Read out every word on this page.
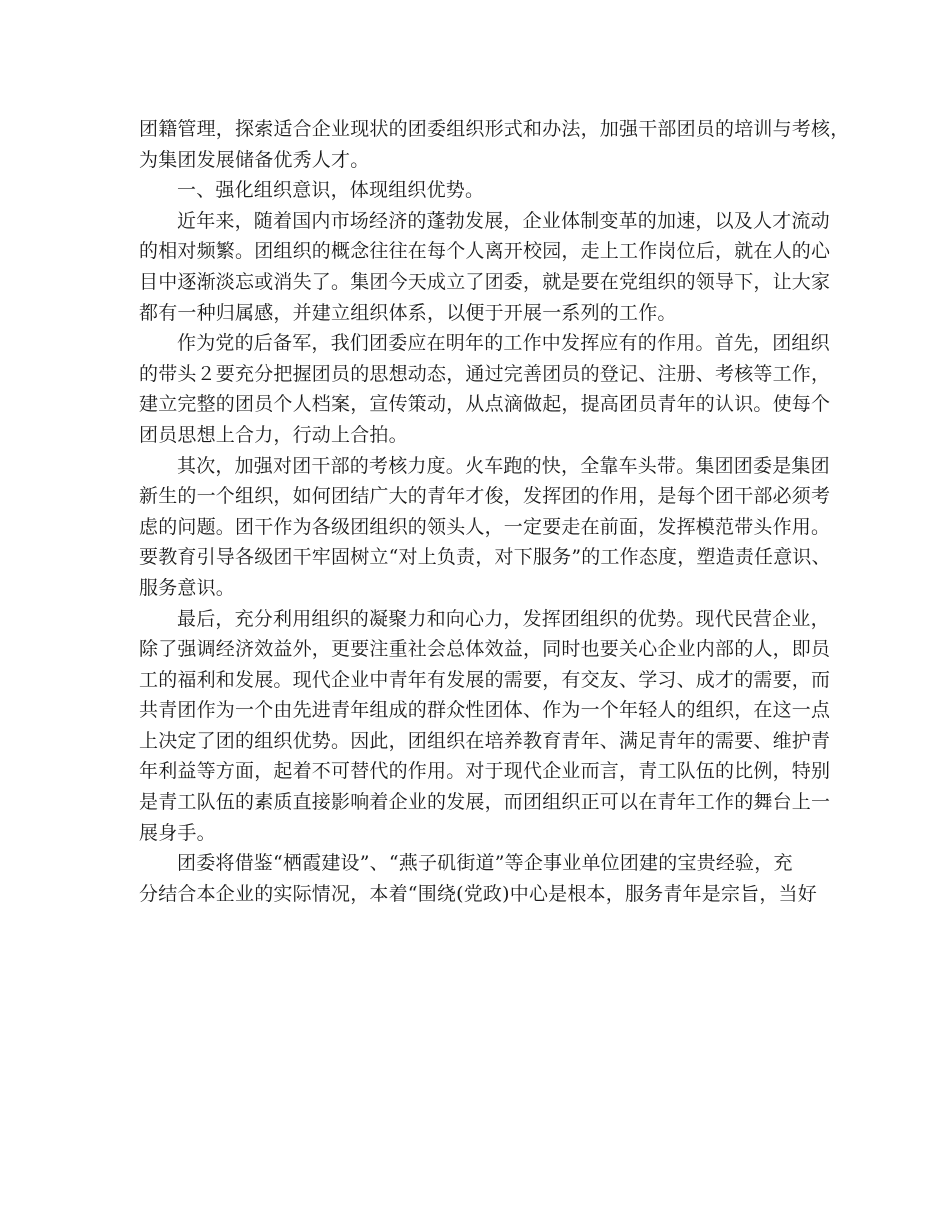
团籍管理，探索适合企业现状的团委组织形式和办法，加强干部团员的培训与考核，
为集团发展储备优秀人才。
一、强化组织意识，体现组织优势。
近年来，随着国内市场经济的蓬勃发展，企业体制变革的加速，以及人才流动
的相对频繁。团组织的概念往往在每个人离开校园，走上工作岗位后，就在人的心
目中逐渐淡忘或消失了。集团今天成立了团委，就是要在党组织的领导下，让大家
都有一种归属感，并建立组织体系，以便于开展一系列的工作。
作为党的后备军，我们团委应在明年的工作中发挥应有的作用。首先，团组织
的带头２要充分把握团员的思想动态，通过完善团员的登记、注册、考核等工作，
建立完整的团员个人档案，宣传策动，从点滴做起，提高团员青年的认识。使每个
团员思想上合力，行动上合拍。
其次，加强对团干部的考核力度。火车跑的快，全靠车头带。集团团委是集团
新生的一个组织，如何团结广大的青年才俊，发挥团的作用，是每个团干部必须考
虑的问题。团干作为各级团组织的领头人，一定要走在前面，发挥模范带头作用。
要教育引导各级团干牢固树立“对上负责，对下服务”的工作态度，塑造责任意识、
服务意识。
最后，充分利用组织的凝聚力和向心力，发挥团组织的优势。现代民营企业，
除了强调经济效益外，更要注重社会总体效益，同时也要关心企业内部的人，即员
工的福利和发展。现代企业中青年有发展的需要，有交友、学习、成才的需要，而
共青团作为一个由先进青年组成的群众性团体、作为一个年轻人的组织，在这一点
上决定了团的组织优势。因此，团组织在培养教育青年、满足青年的需要、维护青
年利益等方面，起着不可替代的作用。对于现代企业而言，青工队伍的比例，特别
是青工队伍的素质直接影响着企业的发展，而团组织正可以在青年工作的舞台上一
展身手。
团委将借鉴“栖霞建设”、“燕子矶街道”等企事业单位团建的宝贵经验，充
分结合本企业的实际情况，本着“围绕(党政)中心是根本，服务青年是宗旨，当好
